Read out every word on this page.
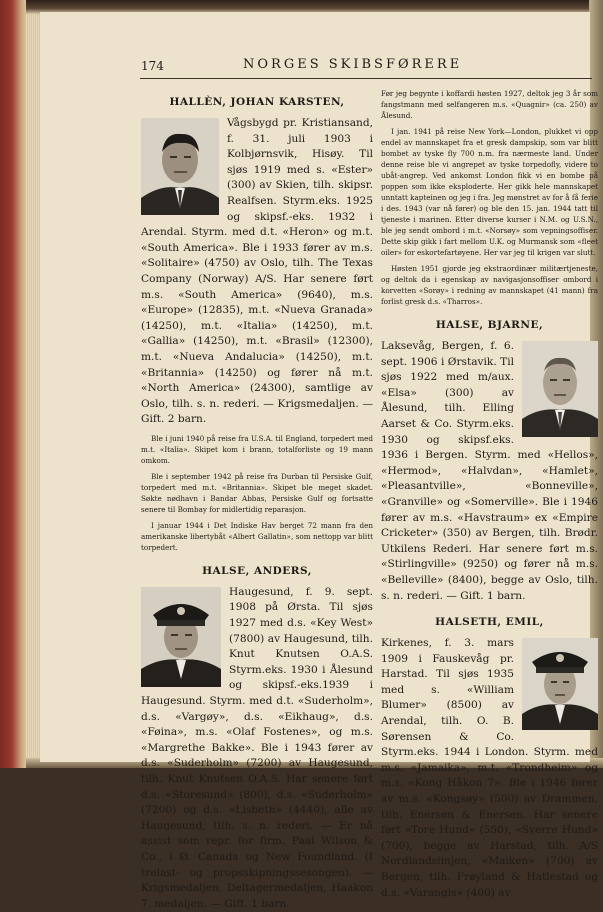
174	NORGES SKIBSFØRERE
HALLÈN, JOHAN KARSTEN,

Vågsbygd pr. Kristiansand, f. 31. juli 1903 i Kolbjørnsvik, Hisøy. Til sjøs 1919 med s. «Ester» (300) av Skien, tilh. skipsr. Realfsen. Styrm.eks. 1925 og skipsf.-eks. 1932 i Arendal. Styrm. med d.t. «Heron» og m.t. «South America». Ble i 1933 fører av m.s. «Solitaire» (4750) av Oslo, tilh. The Texas Company (Norway) A/S. Har senere ført m.s. «South America» (9640), m.s. «Europe» (12835), m.t. «Nueva Granada» (14250), m.t. «Italia» (14250), m.t. «Gallia» (14250), m.t. «Brasil» (12300), m.t. «Nueva Andalucia» (14250), m.t. «Britannia» (14250) og fører nå m.t. «North America» (24300), samtlige av Oslo, tilh. s. n. rederi. — Krigsmedaljen. — Gift. 2 barn.

Ble i juni 1940 på reise fra U.S.A. til England, torpedert med m.t. «Italia». Skipet kom i brann, totalforliste og 19 mann omkom.

Ble i september 1942 på reise fra Durban til Persiske Gulf, torpedert med m.t. «Britannia». Skipet ble meget skadet. Søkte nødhavn i Bandar Abbas, Persiske Gulf og fortsatte senere til Bombay for midlertidig reparasjon.

I januar 1944 i Det Indiske Hav berget 72 mann fra den amerikanske libertybåt «Albert Gallatin», som nettopp var blitt torpedert.

HALSE, ANDERS,

Haugesund, f. 9. sept. 1908 på Ørsta. Til sjøs 1927 med d.s. «Key West» (7800) av Haugesund, tilh. Knut Knutsen O.A.S. Styrm.eks. 1930 i Ålesund og skipsf.-eks.1939 i Haugesund. Styrm. med d.t. «Suderholm», d.s. «Vargøy», d.s. «Eikhaug», d.s. «Føina», m.s. «Olaf Fostenes», og m.s. «Margrethe Bakke». Ble i 1943 fører av d.s. «Suderholm» (7200) av Haugesund, tilh. Knut Knutsen O.A.S. Har senere ført d.s. «Storesund» (800), d.s. «Suderholm» (7200) og d.s. «Lisbeth» (4440), alle av Haugesund, tilh. s. n. rederi. — Er nå assist som repr. for firm. Paal Wilson & Co., i Ø. Canada og New Foundland. (I trelast- og propsskipningssesongen). — Krigsmedaljen, Deltagermedaljen, Haakon 7. medaljen. — Gift. 1 barn.

Før jeg begynte i koffardi høsten 1927, deltok jeg 3 år som fangstmann med selfangeren m.s. «Quagnir» (ca. 250) av Ålesund.

I jan. 1941 på reise New York—London, plukket vi opp endel av mannskapet fra et gresk dampskip, som var blitt bombet av tyske fly 700 n.m. fra nærmeste land. Under denne reise ble vi angrepet av tyske torpedofly, videre to ubåt-angrep. Ved ankomst London fikk vi en bombe på poppen som ikke eksploderte. Her gikk hele mannskapet unntatt kapteinen og jeg i fra. Jeg mønstret av for å få ferie i des. 1943 (var nå fører) og ble den 15. jan. 1944 tatt til tjeneste i marinen. Etter diverse kurser i N.M. og U.S.N., ble jeg sendt ombord i m.t. «Norsøy» som vepningsoffiser. Dette skip gikk i fart mellom U.K. og Murmansk som «fleet oiler» for eskortefartøyene. Her var jeg til krigen var slutt.

Høsten 1951 gjorde jeg ekstraordinær militærtjeneste, og deltok da i egenskap av navigasjonsoffiser ombord i korvetten «Sorøy» i redning av mannskapet (41 mann) fra forlist gresk d.s. «Tharros».

HALSE, BJARNE,

Laksevåg, Bergen, f. 6. sept. 1906 i Ørstavik. Til sjøs 1922 med m/aux. «Elsa» (300) av Ålesund, tilh. Elling Aarset & Co. Styrm.eks. 1930 og skipsf.eks. 1936 i Bergen. Styrm. med «Hellos», «Hermod», «Halvdan», «Hamlet», «Pleasantville», «Bonneville», «Granville» og «Somerville». Ble i 1946 fører av m.s. «Havstraum» ex «Empire Cricketer» (350) av Bergen, tilh. Brødr. Utkilens Rederi. Har senere ført m.s. «Stirlingville» (9250) og fører nå m.s. «Belleville» (8400), begge av Oslo, tilh. s. n. rederi. — Gift. 1 barn.

HALSETH, EMIL,

Kirkenes, f. 3. mars 1909 i Fauskevåg pr. Harstad. Til sjøs 1935 med s. «William Blumer» (8500) av Arendal, tilh. O. B. Sørensen & Co. Styrm.eks. 1944 i London. Styrm. med m.s. «Jamaika», m.t. «Trondheim» og m.s. «Kong Håkon 7». Ble i 1946 fører av m.s. «Kongsøy» (500) av Drammen, tilh. Enersen & Enersen. Har senere ført «Tore Hund» (550), «Sverre Hund» (700), begge av Harstad, tilh. A/S Nordlandslinjen, «Maiken» (700) av Bergen, tilh. Frøyland & Hatlestad og d.s. «Varangis» (400) av
